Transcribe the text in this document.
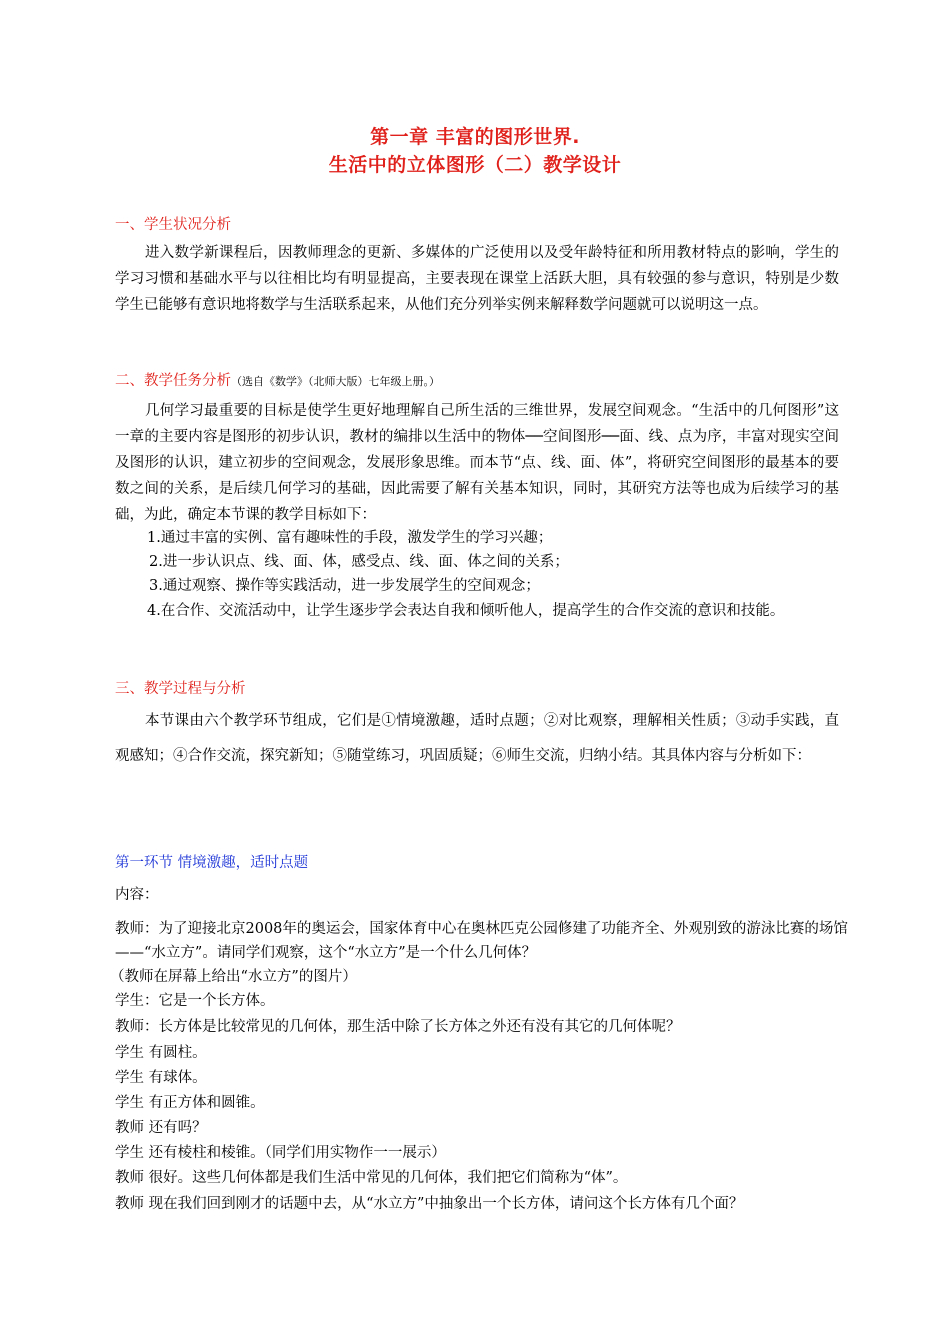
第一章 丰富的图形世界.
生活中的立体图形（二）教学设计
一、学生状况分析
进入数学新课程后，因教师理念的更新、多媒体的广泛使用以及受年龄特征和所用教材特点的影响，学生的学习习惯和基础水平与以往相比均有明显提高，主要表现在课堂上活跃大胆，具有较强的参与意识，特别是少数学生已能够有意识地将数学与生活联系起来，从他们充分列举实例来解释数学问题就可以说明这一点。
二、教学任务分析（选自《数学》（北师大版）七年级上册。）
几何学习最重要的目标是使学生更好地理解自己所生活的三维世界，发展空间观念。“生活中的几何图形”这一章的主要内容是图形的初步认识，教材的编排以生活中的物体──空间图形──面、线、点为序，丰富对现实空间及图形的认识，建立初步的空间观念，发展形象思维。而本节“点、线、面、体”，将研究空间图形的最基本的要数之间的关系，是后续几何学习的基础，因此需要了解有关基本知识，同时，其研究方法等也成为后续学习的基础，为此，确定本节课的教学目标如下：
1.通过丰富的实例、富有趣味性的手段，激发学生的学习兴趣；
2.进一步认识点、线、面、体，感受点、线、面、体之间的关系；
3.通过观察、操作等实践活动，进一步发展学生的空间观念；
4.在合作、交流活动中，让学生逐步学会表达自我和倾听他人，提高学生的合作交流的意识和技能。
三、教学过程与分析
本节课由六个教学环节组成，它们是①情境激趣，适时点题；②对比观察，理解相关性质；③动手实践，直观感知；④合作交流，探究新知；⑤随堂练习，巩固质疑；⑥师生交流，归纳小结。其具体内容与分析如下：
第一环节 情境激趣，适时点题
内容：
教师：为了迎接北京2008年的奥运会，国家体育中心在奥林匹克公园修建了功能齐全、外观别致的游泳比赛的场馆——“水立方”。请同学们观察，这个“水立方”是一个什么几何体？
（教师在屏幕上给出“水立方”的图片）
学生：它是一个长方体。
教师：长方体是比较常见的几何体，那生活中除了长方体之外还有没有其它的几何体呢？
学生 有圆柱。
学生 有球体。
学生 有正方体和圆锥。
教师 还有吗？
学生 还有棱柱和棱锥。（同学们用实物作一一展示）
教师 很好。这些几何体都是我们生活中常见的几何体，我们把它们简称为“体”。
教师 现在我们回到刚才的话题中去，从“水立方”中抽象出一个长方体，请问这个长方体有几个面？
